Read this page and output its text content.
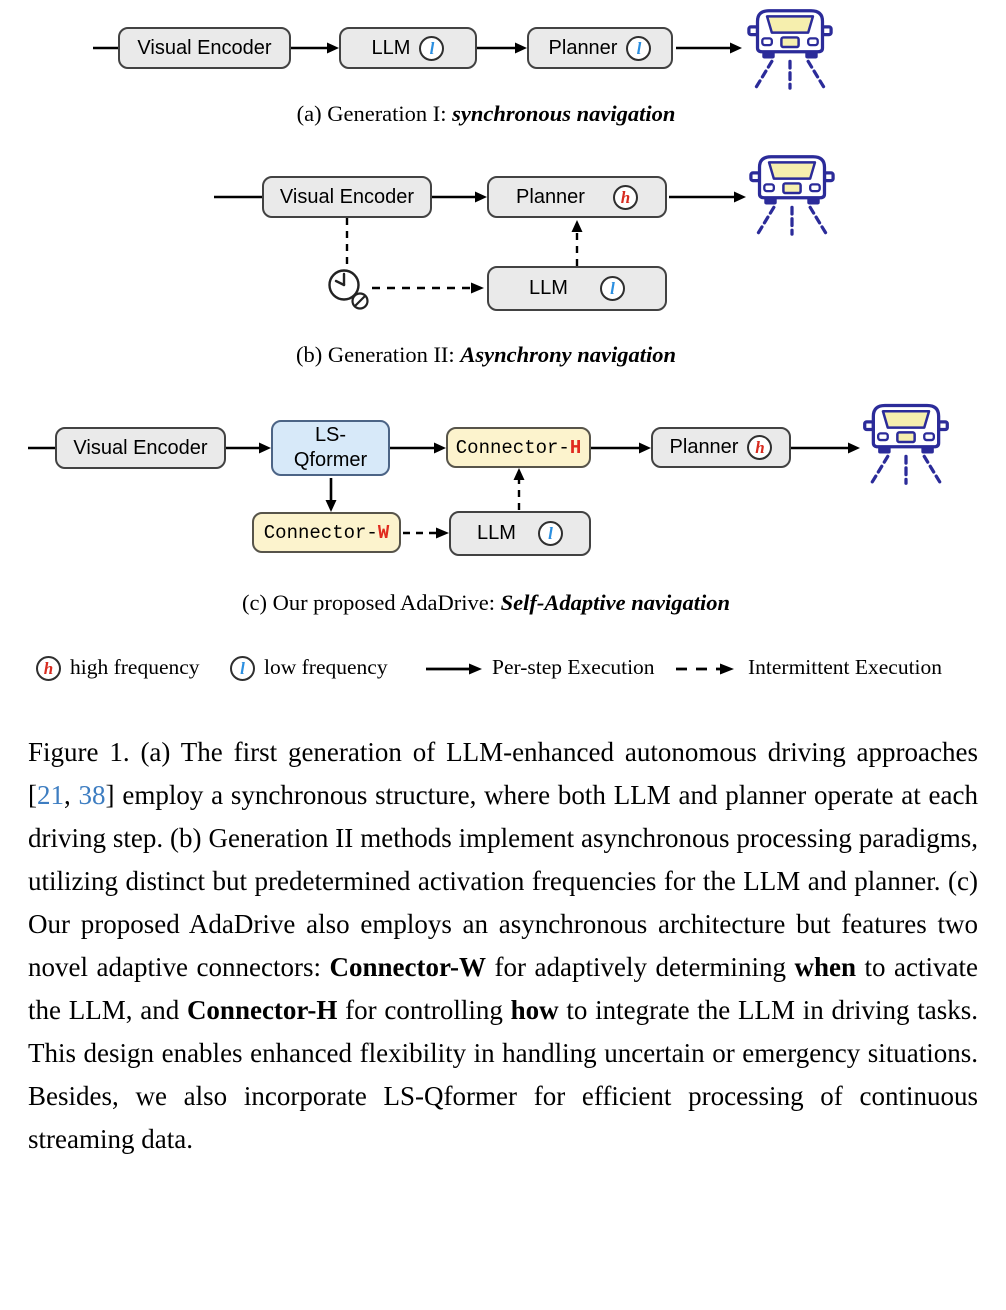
Visual Encoder	LLM l	Planner l
(a) Generation I: synchronous navigation
Visual Encoder	Planner h
LLM l
(b) Generation II: Asynchrony navigation
Visual Encoder
LS-
Qformer
Connector- H	Planner h
Connector- W	LLM l
(c) Our proposed AdaDrive: Self-Adaptive navigation
h high frequency l low frequency	Per-step Execution	Intermittent Execution

Figure 1. (a) The first generation of LLM-enhanced autonomous driving approaches [21, 38] employ a synchronous structure, where both LLM and planner operate at each driving step. (b) Generation II methods implement asynchronous processing paradigms, utilizing distinct but predetermined activation frequencies for the LLM and planner. (c) Our proposed AdaDrive also employs an asynchronous architecture but features two novel adaptive connectors: Connector-W for adaptively determining when to activate the LLM, and Connector-H for controlling how to integrate the LLM in driving tasks. This design enables enhanced flexibility in handling uncertain or emergency situations. Besides, we also incorporate LS-Qformer for efficient processing of continuous streaming data.
